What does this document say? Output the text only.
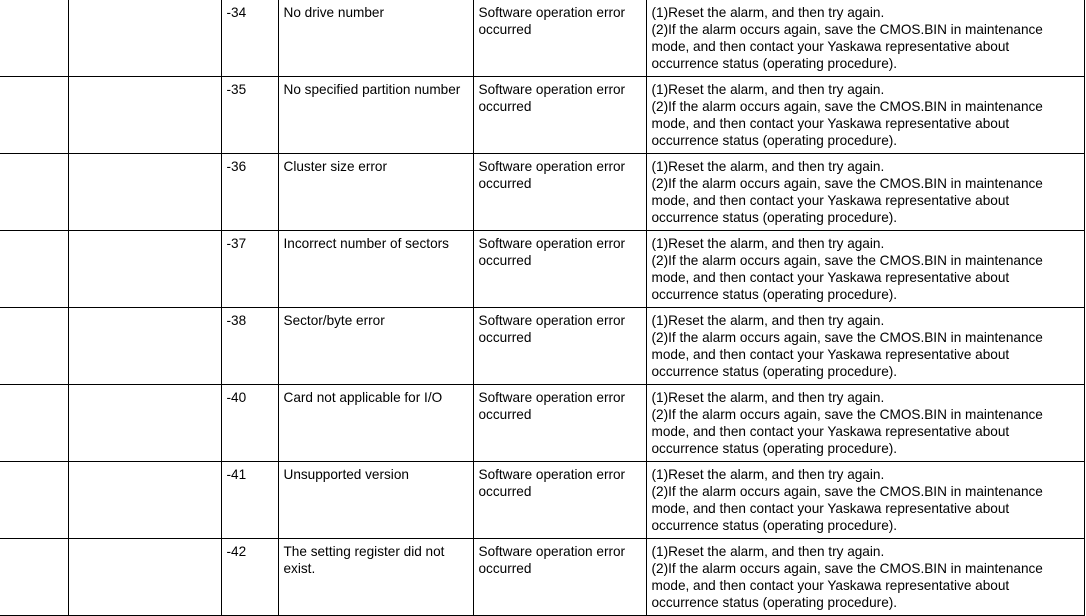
		-34	No drive number	Software operation error occurred	(1)Reset the alarm, and then try again.
(2)If the alarm occurs again, save the CMOS.BIN in maintenance mode, and then contact your Yaskawa representative about occurrence status (operating procedure).

		-35	No specified partition number	Software operation error occurred	(1)Reset the alarm, and then try again.
(2)If the alarm occurs again, save the CMOS.BIN in maintenance mode, and then contact your Yaskawa representative about occurrence status (operating procedure).

		-36	Cluster size error	Software operation error occurred	(1)Reset the alarm, and then try again.
(2)If the alarm occurs again, save the CMOS.BIN in maintenance mode, and then contact your Yaskawa representative about occurrence status (operating procedure).

		-37	Incorrect number of sectors	Software operation error occurred	(1)Reset the alarm, and then try again.
(2)If the alarm occurs again, save the CMOS.BIN in maintenance mode, and then contact your Yaskawa representative about occurrence status (operating procedure).

		-38	Sector/byte error	Software operation error occurred	(1)Reset the alarm, and then try again.
(2)If the alarm occurs again, save the CMOS.BIN in maintenance mode, and then contact your Yaskawa representative about occurrence status (operating procedure).

		-40	Card not applicable for I/O	Software operation error occurred	(1)Reset the alarm, and then try again.
(2)If the alarm occurs again, save the CMOS.BIN in maintenance mode, and then contact your Yaskawa representative about occurrence status (operating procedure).

		-41	Unsupported version	Software operation error occurred	(1)Reset the alarm, and then try again.
(2)If the alarm occurs again, save the CMOS.BIN in maintenance mode, and then contact your Yaskawa representative about occurrence status (operating procedure).

		-42	The setting register did not exist.	Software operation error occurred	(1)Reset the alarm, and then try again.
(2)If the alarm occurs again, save the CMOS.BIN in maintenance mode, and then contact your Yaskawa representative about occurrence status (operating procedure).
